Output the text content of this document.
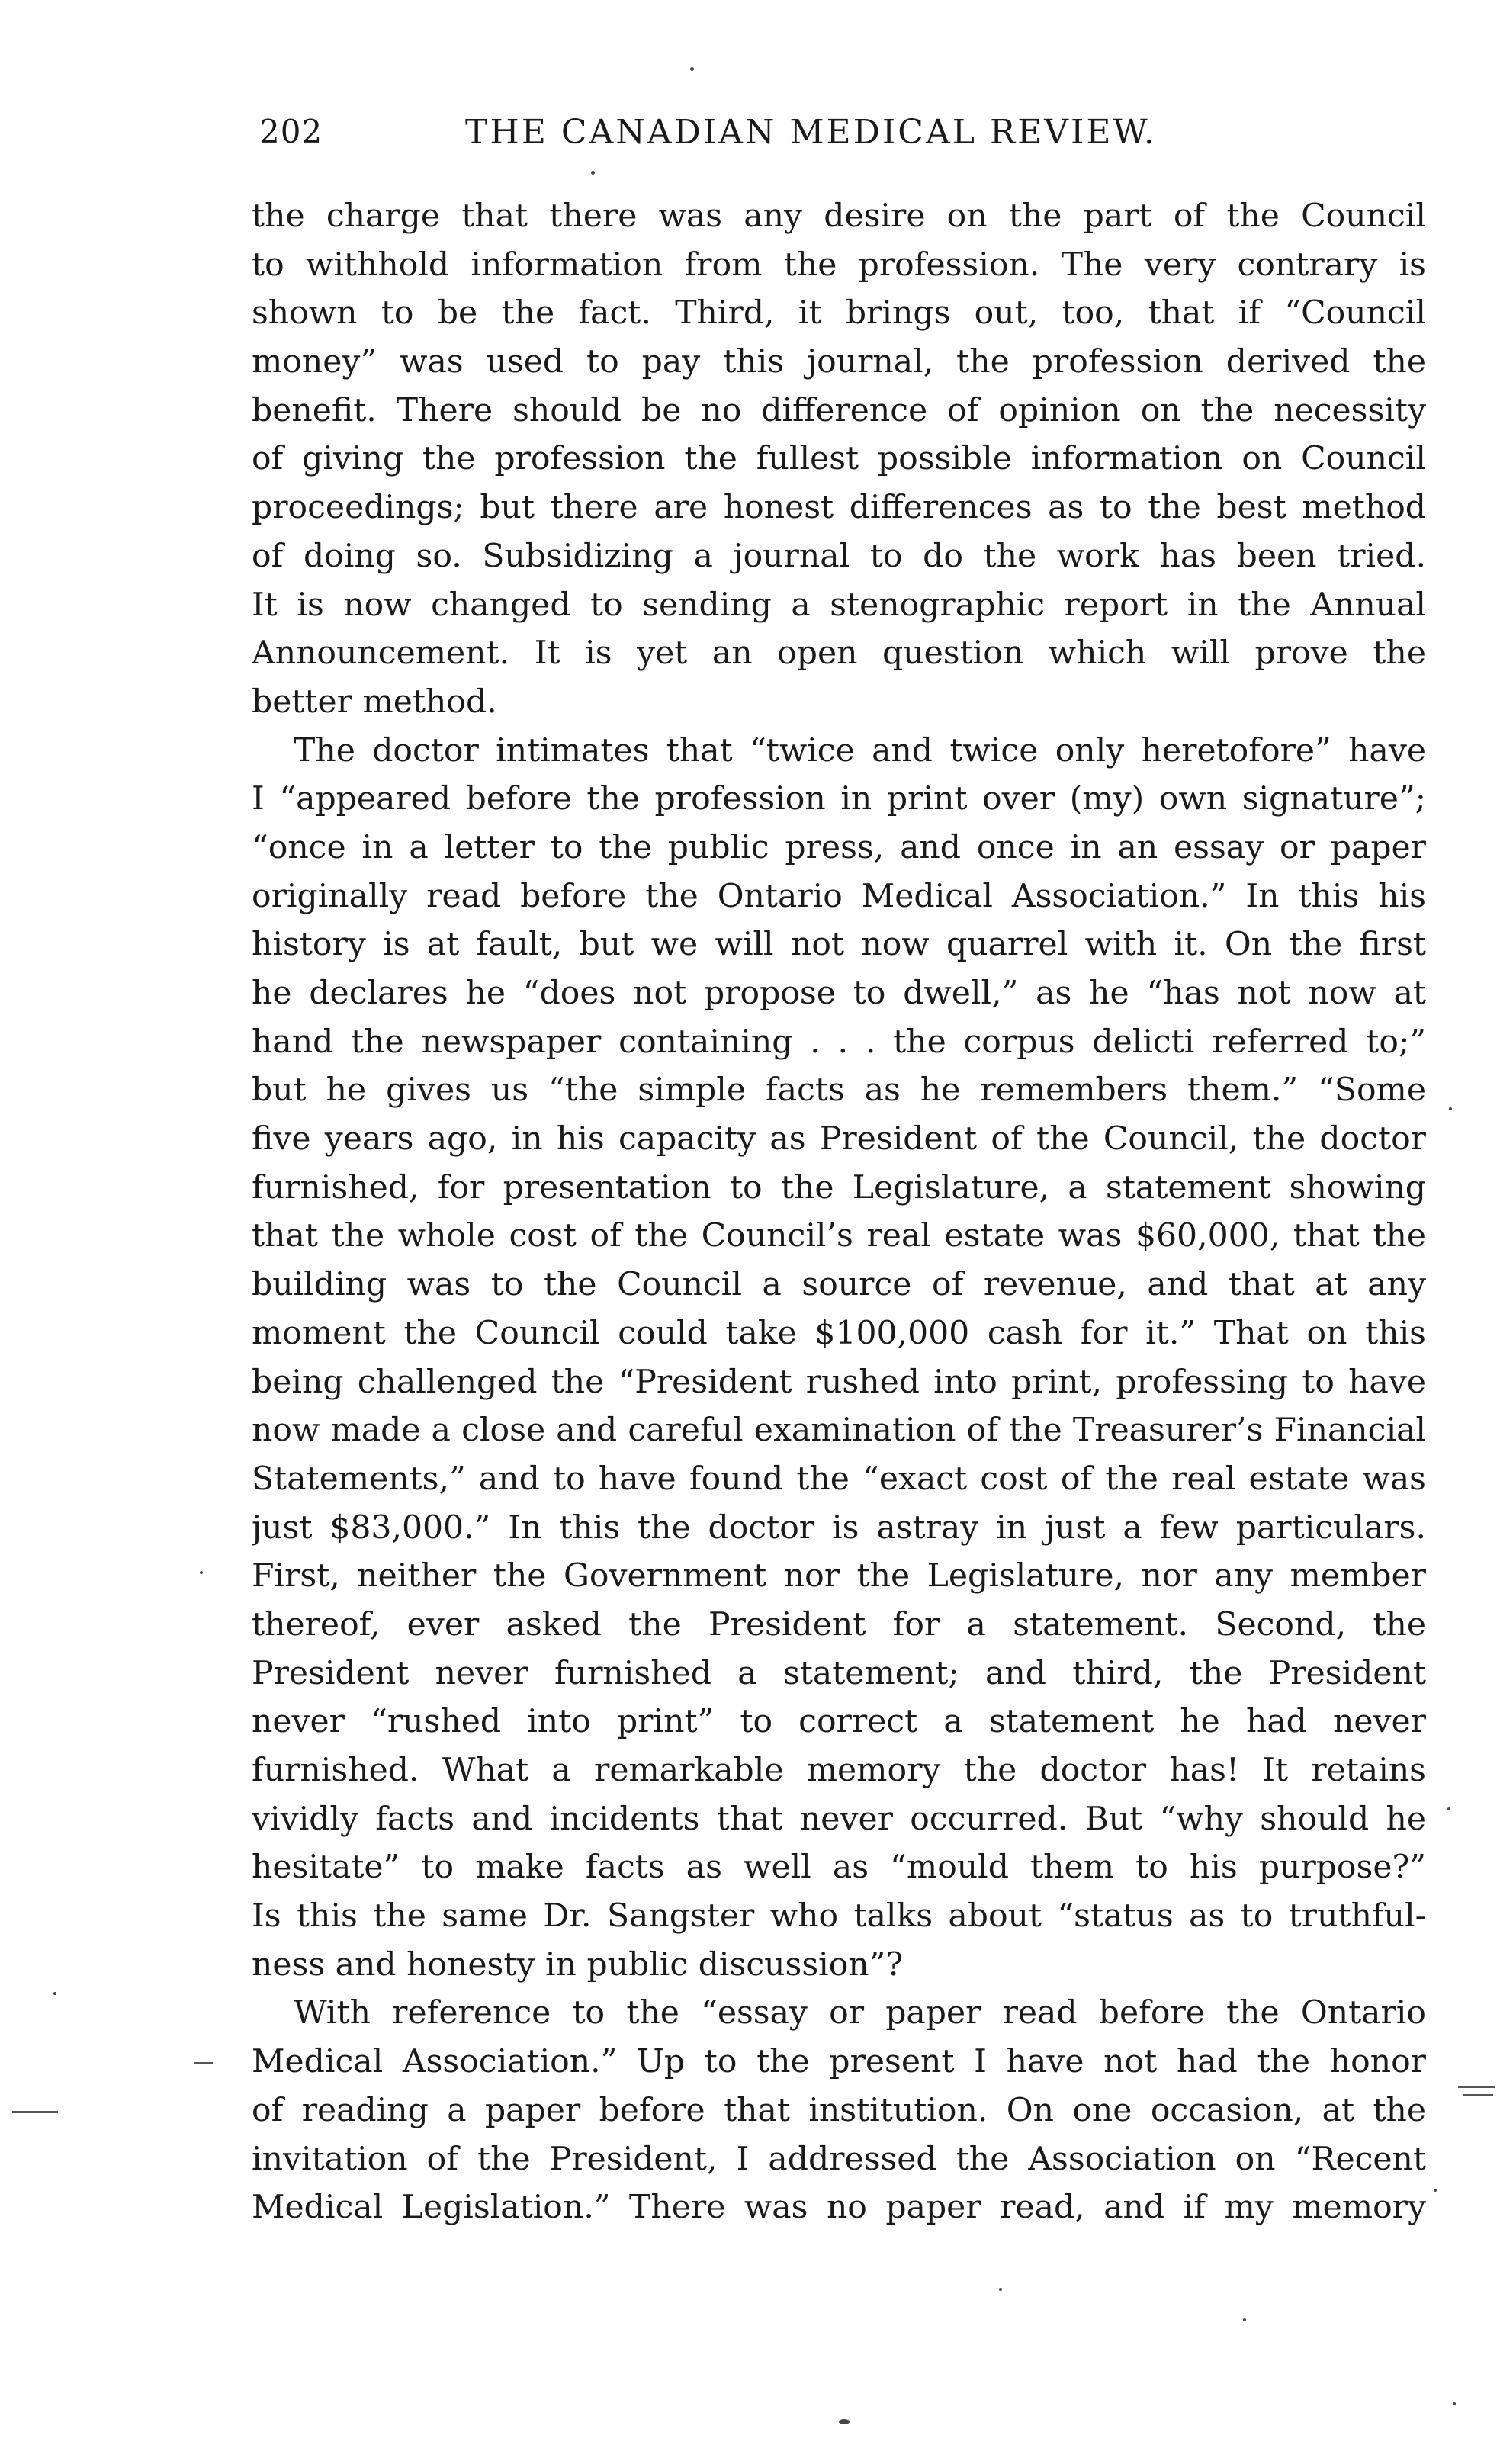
202	THE CANADIAN MEDICAL REVIEW.
the charge that there was any desire on the part of the Council
to withhold information from the profession. The very contrary is
shown to be the fact. Third, it brings out, too, that if “Council
money” was used to pay this journal, the profession derived the
benefit. There should be no difference of opinion on the necessity
of giving the profession the fullest possible information on Council
proceedings; but there are honest differences as to the best method
of doing so. Subsidizing a journal to do the work has been tried.
It is now changed to sending a stenographic report in the Annual
Announcement. It is yet an open question which will prove the
better method.
The doctor intimates that “twice and twice only heretofore” have
I “appeared before the profession in print over (my) own signature”;
“once in a letter to the public press, and once in an essay or paper
originally read before the Ontario Medical Association.” In this his
history is at fault, but we will not now quarrel with it. On the first
he declares he “does not propose to dwell,” as he “has not now at
hand the newspaper containing . . . the corpus delicti referred to;”
but he gives us “the simple facts as he remembers them.” “Some
five years ago, in his capacity as President of the Council, the doctor
furnished, for presentation to the Legislature, a statement showing
that the whole cost of the Council’s real estate was $60,000, that the
building was to the Council a source of revenue, and that at any
moment the Council could take $100,000 cash for it.” That on this
being challenged the “President rushed into print, professing to have
now made a close and careful examination of the Treasurer’s Financial
Statements,” and to have found the “exact cost of the real estate was
just $83,000.” In this the doctor is astray in just a few particulars.
First, neither the Government nor the Legislature, nor any member
thereof, ever asked the President for a statement. Second, the
President never furnished a statement; and third, the President
never “rushed into print” to correct a statement he had never
furnished. What a remarkable memory the doctor has! It retains
vividly facts and incidents that never occurred. But “why should he
hesitate” to make facts as well as “mould them to his purpose?”
Is this the same Dr. Sangster who talks about “status as to truthful-
ness and honesty in public discussion”?
With reference to the “essay or paper read before the Ontario
Medical Association.” Up to the present I have not had the honor
of reading a paper before that institution. On one occasion, at the
invitation of the President, I addressed the Association on “Recent
Medical Legislation.” There was no paper read, and if my memory
